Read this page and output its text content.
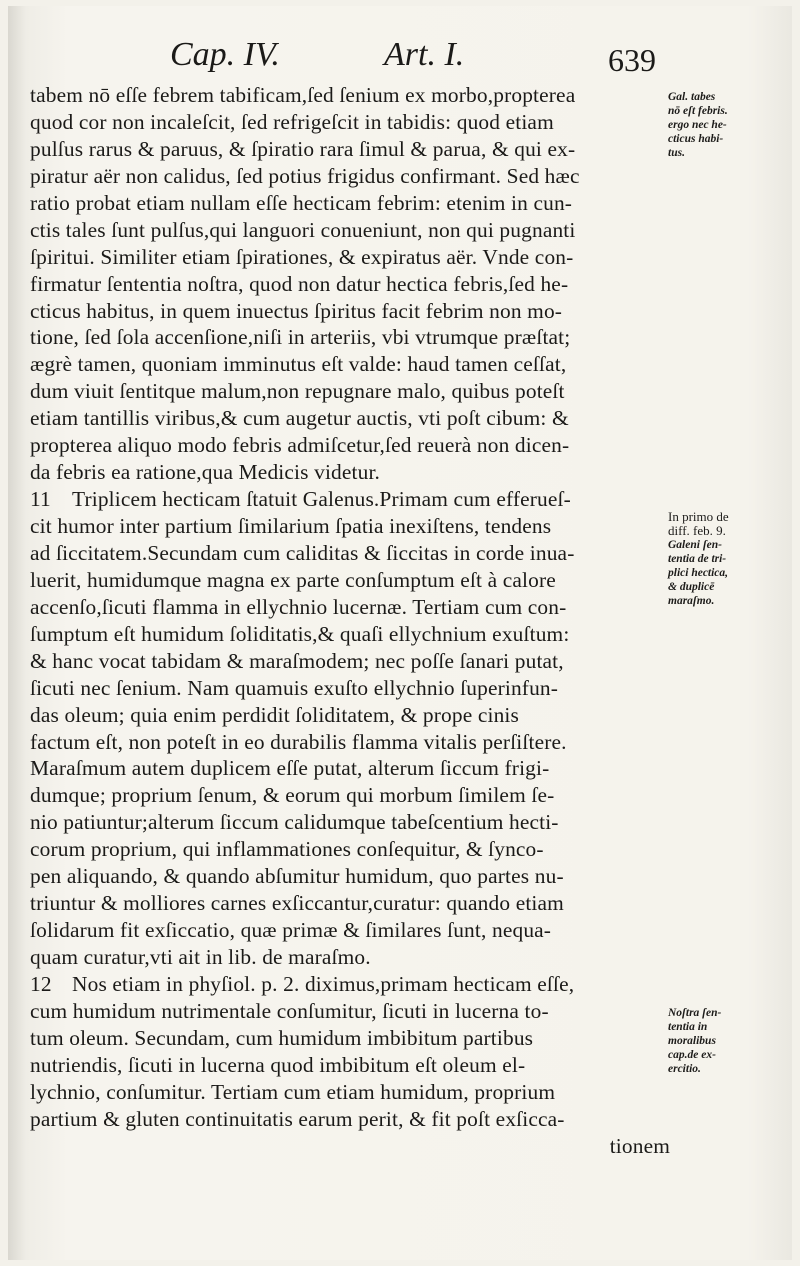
Cap. IV.	Art. I.	639
tabem nō eſſe febrem tabificam,ſed ſenium ex morbo,propterea
quod cor non incaleſcit, ſed refrigeſcit in tabidis: quod etiam
pulſus rarus & paruus, & ſpiratio rara ſimul & parua, & qui ex-
piratur aër non calidus, ſed potius frigidus confirmant. Sed hæc
ratio probat etiam nullam eſſe hecticam febrim: etenim in cun-
ctis tales ſunt pulſus,qui languori conueniunt, non qui pugnanti
ſpiritui. Similiter etiam ſpirationes, & expiratus aër. Vnde con-
firmatur ſententia noſtra, quod non datur hectica febris,ſed he-
cticus habitus, in quem inuectus ſpiritus facit febrim non mo-
tione, ſed ſola accenſione,niſi in arteriis, vbi vtrumque præſtat;
ægrè tamen, quoniam imminutus eſt valde: haud tamen ceſſat,
dum viuit ſentitque malum,non repugnare malo, quibus poteſt
etiam tantillis viribus,& cum augetur auctis, vti poſt cibum: &
propterea aliquo modo febris admiſcetur,ſed reuerà non dicen-
da febris ea ratione,qua Medicis videtur.
11 Triplicem hecticam ſtatuit Galenus.Primam cum efferueſ-
cit humor inter partium ſimilarium ſpatia inexiſtens, tendens
ad ſiccitatem.Secundam cum caliditas & ſiccitas in corde inua-
luerit, humidumque magna ex parte conſumptum eſt à calore
accenſo,ſicuti flamma in ellychnio lucernæ. Tertiam cum con-
ſumptum eſt humidum ſoliditatis,& quaſi ellychnium exuſtum:
& hanc vocat tabidam & maraſmodem; nec poſſe ſanari putat,
ſicuti nec ſenium. Nam quamuis exuſto ellychnio ſuperinfun-
das oleum; quia enim perdidit ſoliditatem, & prope cinis
factum eſt, non poteſt in eo durabilis flamma vitalis perſiſtere.
Maraſmum autem duplicem eſſe putat, alterum ſiccum frigi-
dumque; proprium ſenum, & eorum qui morbum ſimilem ſe-
nio patiuntur;alterum ſiccum calidumque tabeſcentium hecti-
corum proprium, qui inflammationes conſequitur, & ſynco-
pen aliquando, & quando abſumitur humidum, quo partes nu-
triuntur & molliores carnes exſiccantur,curatur: quando etiam
ſolidarum fit exſiccatio, quæ primæ & ſimilares ſunt, nequa-
quam curatur,vti ait in lib. de maraſmo.
12 Nos etiam in phyſiol. p. 2. diximus,primam hecticam eſſe,
cum humidum nutrimentale conſumitur, ſicuti in lucerna to-
tum oleum. Secundam, cum humidum imbibitum partibus
nutriendis, ſicuti in lucerna quod imbibitum eſt oleum el-
lychnio, conſumitur. Tertiam cum etiam humidum, proprium
partium & gluten continuitatis earum perit, & fit poſt exſicca-
tionem
Gal. tabes
nō eſt febris.
ergo nec he-
cticus habi-
tus.
In primo de
diff. feb. 9.
Galeni ſen-
tentia de tri-
plici hectica,
& duplicē
maraſmo.
Noſtra ſen-
tentia in
moralibus
cap.de ex-
ercitio.
